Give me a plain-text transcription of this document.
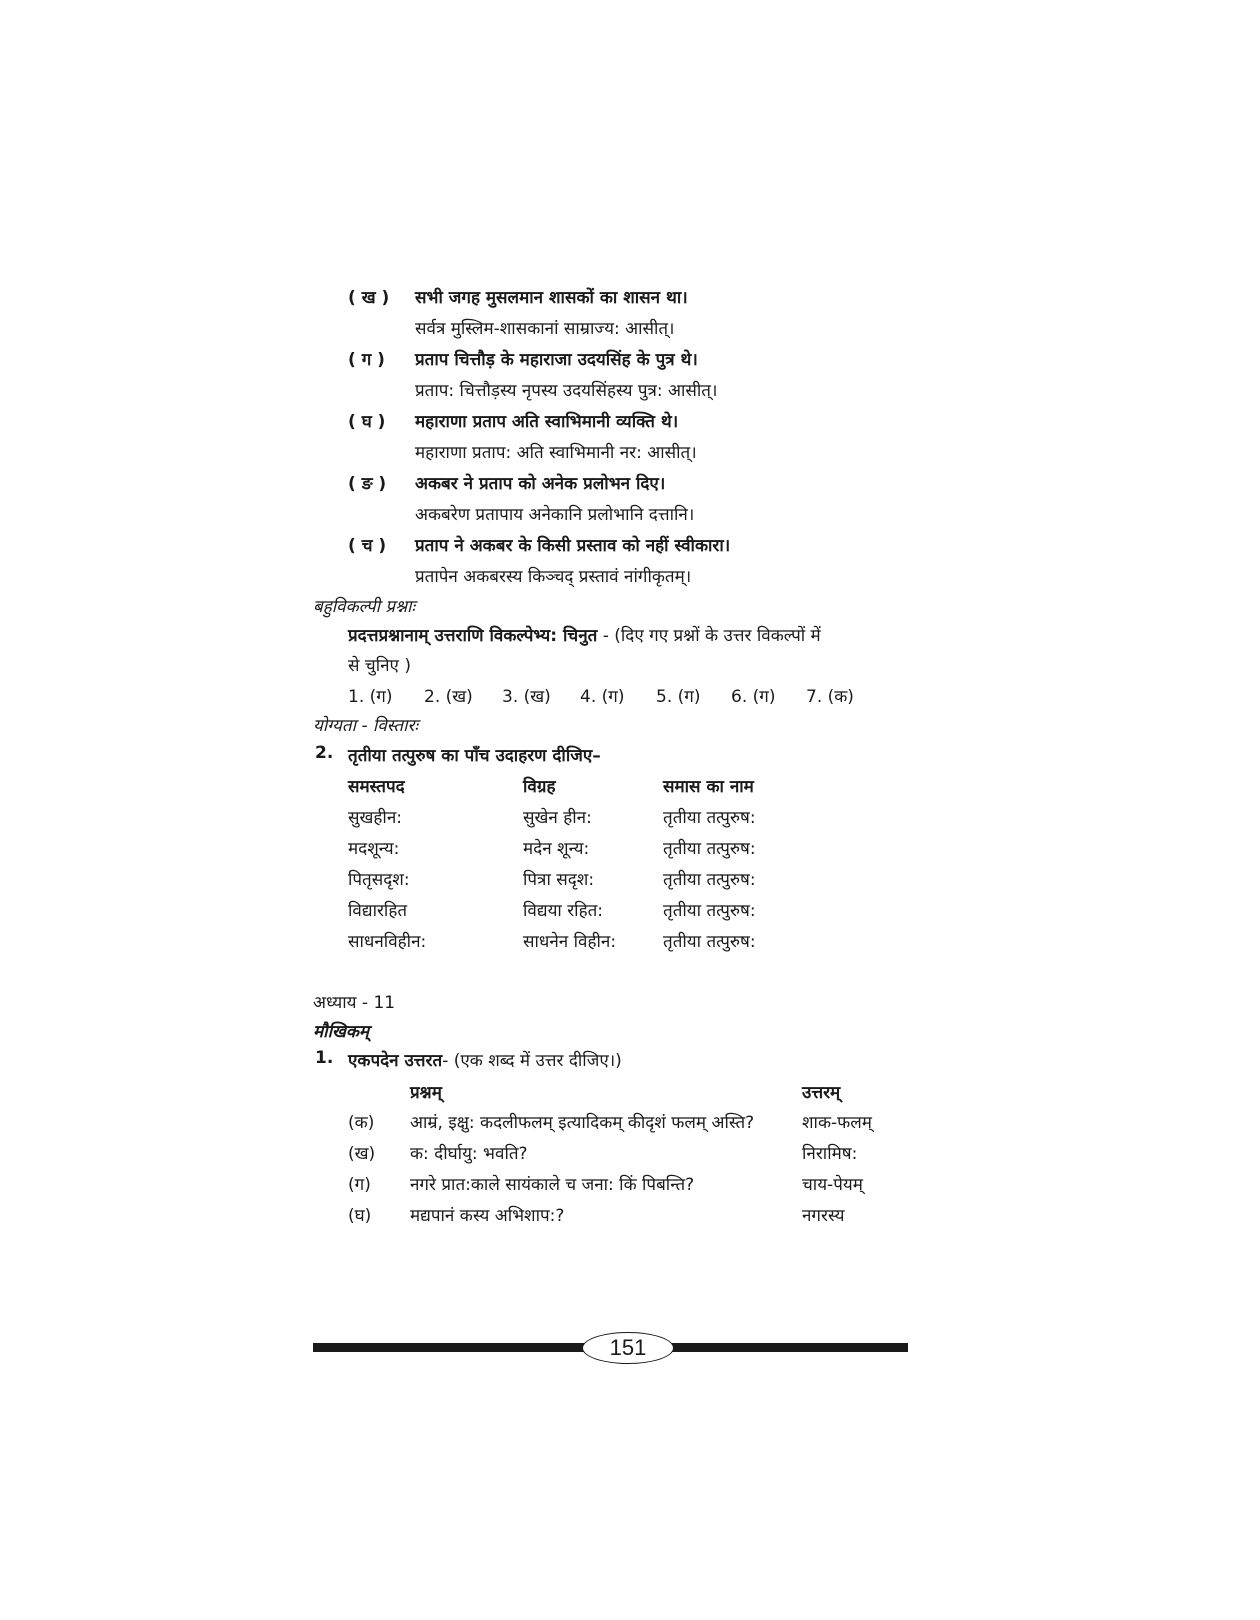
( ख )	सभी जगह मुसलमान शासकों का शासन था।
सर्वत्र मुस्लिम-शासकानां साम्राज्य: आसीत्।
( ग )	प्रताप चित्तौड़ के महाराजा उदयसिंह के पुत्र थे।
प्रताप: चित्तौड़स्य नृपस्य उदयसिंहस्य पुत्र: आसीत्।
( घ )	महाराणा प्रताप अति स्वाभिमानी व्यक्ति थे।
महाराणा प्रताप: अति स्वाभिमानी नर: आसीत्।
( ङ )	अकबर ने प्रताप को अनेक प्रलोभन दिए।
अकबरेण प्रतापाय अनेकानि प्रलोभानि दत्तानि।
( च )	प्रताप ने अकबर के किसी प्रस्ताव को नहीं स्वीकारा।
प्रतापेन अकबरस्य किञ्चद् प्रस्तावं नांगीकृतम्।
बहुविकल्पी प्रश्नाः
प्रदत्तप्रश्नानाम् उत्तराणि विकल्पेभ्य: चिनुत - (दिए गए प्रश्नों के उत्तर विकल्पों में
से चुनिए )
1. (ग) 2. (ख) 3. (ख) 4. (ग) 5. (ग) 6. (ग) 7. (क)
योग्यता - विस्तारः
2. तृतीया तत्पुरुष का पाँच उदाहरण दीजिए–
समस्तपद	विग्रह	समास का नाम
सुखहीन:	सुखेन हीन:	तृतीया तत्पुरुष:
मदशून्य:	मदेन शून्य:	तृतीया तत्पुरुष:
पितृसदृश:	पित्रा सदृश:	तृतीया तत्पुरुष:
विद्यारहित	विद्यया रहित:	तृतीया तत्पुरुष:
साधनविहीन:	साधनेन विहीन:	तृतीया तत्पुरुष:
अध्याय - 11
मौखिकम्
1. एकपदेन उत्तरत- (एक शब्द में उत्तर दीजिए।)
प्रश्नम्	उत्तरम्
(क) आम्रं, इक्षु: कदलीफलम् इत्यादिकम् कीदृशं फलम् अस्ति?	शाक-फलम्
(ख) क: दीर्घायु: भवति?	निरामिष:
(ग) नगरे प्रात:काले सायंकाले च जना: किं पिबन्ति?	चाय-पेयम्
(घ) मद्यपानं कस्य अभिशाप:?	नगरस्य
151
